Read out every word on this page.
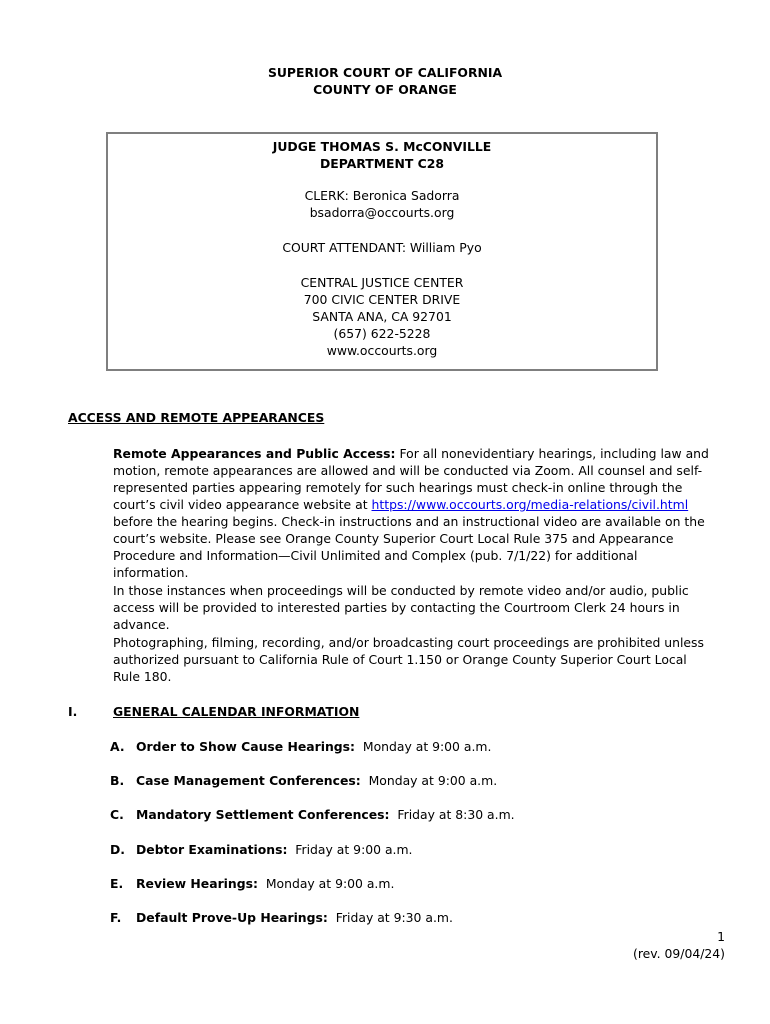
SUPERIOR COURT OF CALIFORNIA
COUNTY OF ORANGE
JUDGE THOMAS S. McCONVILLE
DEPARTMENT C28
CLERK: Beronica Sadorra
bsadorra@occourts.org
COURT ATTENDANT: William Pyo
CENTRAL JUSTICE CENTER
700 CIVIC CENTER DRIVE
SANTA ANA, CA 92701
(657) 622-5228
www.occourts.org
ACCESS AND REMOTE APPEARANCES

Remote Appearances and Public Access: For all nonevidentiary hearings, including law and motion, remote appearances are allowed and will be conducted via Zoom. All counsel and self-represented parties appearing remotely for such hearings must check-in online through the court’s civil video appearance website at https://www.occourts.org/media-relations/civil.html before the hearing begins. Check-in instructions and an instructional video are available on the court’s website. Please see Orange County Superior Court Local Rule 375 and Appearance Procedure and Information—Civil Unlimited and Complex (pub. 7/1/22) for additional information.

In those instances when proceedings will be conducted by remote video and/or audio, public access will be provided to interested parties by contacting the Courtroom Clerk 24 hours in advance.

Photographing, filming, recording, and/or broadcasting court proceedings are prohibited unless authorized pursuant to California Rule of Court 1.150 or Orange County Superior Court Local Rule 180.

I.	GENERAL CALENDAR INFORMATION
A. Order to Show Cause Hearings:  Monday at 9:00 a.m.
B. Case Management Conferences:  Monday at 9:00 a.m.
C. Mandatory Settlement Conferences:  Friday at 8:30 a.m.
D. Debtor Examinations:  Friday at 9:00 a.m.
E. Review Hearings:  Monday at 9:00 a.m.
F. Default Prove-Up Hearings:  Friday at 9:30 a.m.
1
(rev. 09/04/24)
